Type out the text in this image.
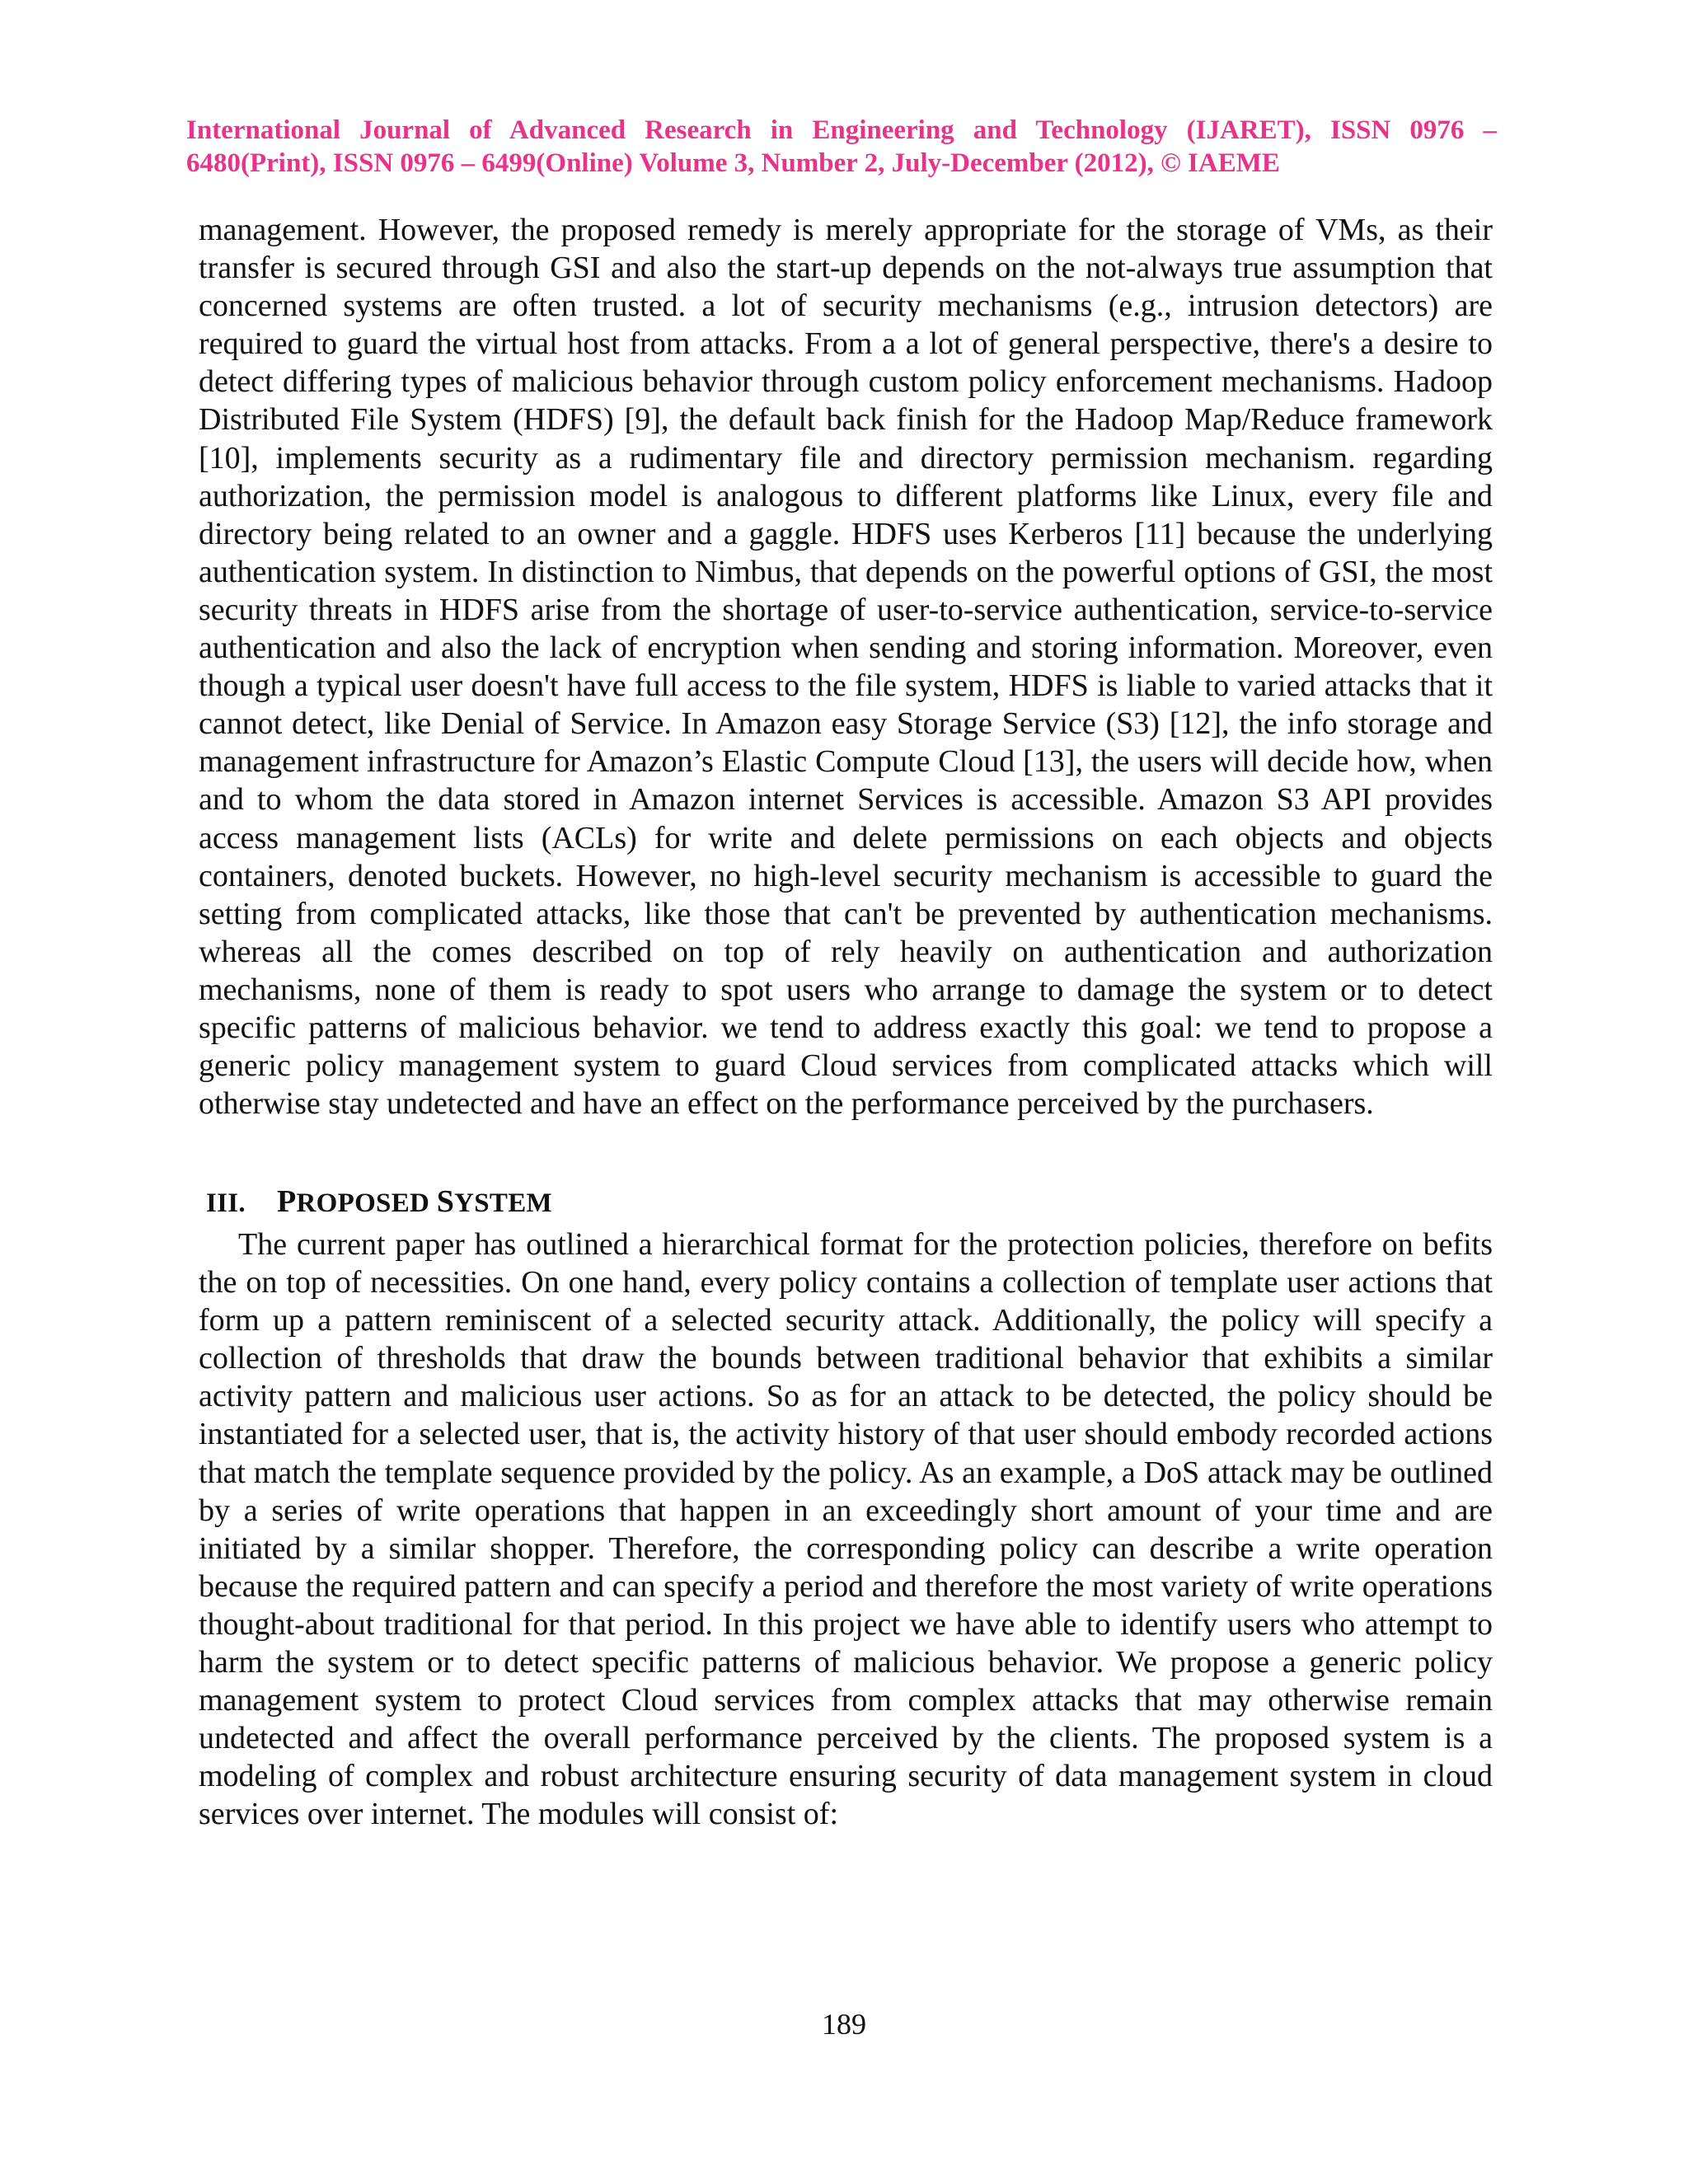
International Journal of Advanced Research in Engineering and Technology (IJARET), ISSN 0976 –
6480(Print), ISSN 0976 – 6499(Online) Volume 3, Number 2, July-December (2012), © IAEME

management. However, the proposed remedy is merely appropriate for the storage of VMs, as their transfer is secured through GSI and also the start-up depends on the not-always true assumption that concerned systems are often trusted. a lot of security mechanisms (e.g., intrusion detectors) are required to guard the virtual host from attacks. From a a lot of general perspective, there's a desire to detect differing types of malicious behavior through custom policy enforcement mechanisms. Hadoop Distributed File System (HDFS) [9], the default back finish for the Hadoop Map/Reduce framework [10], implements security as a rudimentary file and directory permission mechanism. regarding authorization, the permission model is analogous to different platforms like Linux, every file and directory being related to an owner and a gaggle. HDFS uses Kerberos [11] because the underlying authentication system. In distinction to Nimbus, that depends on the powerful options of GSI, the most security threats in HDFS arise from the shortage of user-to-service authentication, service-to-service authentication and also the lack of encryption when sending and storing information. Moreover, even though a typical user doesn't have full access to the file system, HDFS is liable to varied attacks that it cannot detect, like Denial of Service. In Amazon easy Storage Service (S3) [12], the info storage and management infrastructure for Amazon’s Elastic Compute Cloud [13], the users will decide how, when and to whom the data stored in Amazon internet Services is accessible. Amazon S3 API provides access management lists (ACLs) for write and delete permissions on each objects and objects containers, denoted buckets. However, no high-level security mechanism is accessible to guard the setting from complicated attacks, like those that can't be prevented by authentication mechanisms. whereas all the comes described on top of rely heavily on authentication and authorization mechanisms, none of them is ready to spot users who arrange to damage the system or to detect specific patterns of malicious behavior. we tend to address exactly this goal: we tend to propose a generic policy management system to guard Cloud services from complicated attacks which will otherwise stay undetected and have an effect on the performance perceived by the purchasers.

III. PROPOSED SYSTEM

The current paper has outlined a hierarchical format for the protection policies, therefore on befits the on top of necessities. On one hand, every policy contains a collection of template user actions that form up a pattern reminiscent of a selected security attack. Additionally, the policy will specify a collection of thresholds that draw the bounds between traditional behavior that exhibits a similar activity pattern and malicious user actions. So as for an attack to be detected, the policy should be instantiated for a selected user, that is, the activity history of that user should embody recorded actions that match the template sequence provided by the policy. As an example, a DoS attack may be outlined by a series of write operations that happen in an exceedingly short amount of your time and are initiated by a similar shopper. Therefore, the corresponding policy can describe a write operation because the required pattern and can specify a period and therefore the most variety of write operations thought-about traditional for that period. In this project we have able to identify users who attempt to harm the system or to detect specific patterns of malicious behavior. We propose a generic policy management system to protect Cloud services from complex attacks that may otherwise remain undetected and affect the overall performance perceived by the clients. The proposed system is a modeling of complex and robust architecture ensuring security of data management system in cloud services over internet. The modules will consist of:

189
